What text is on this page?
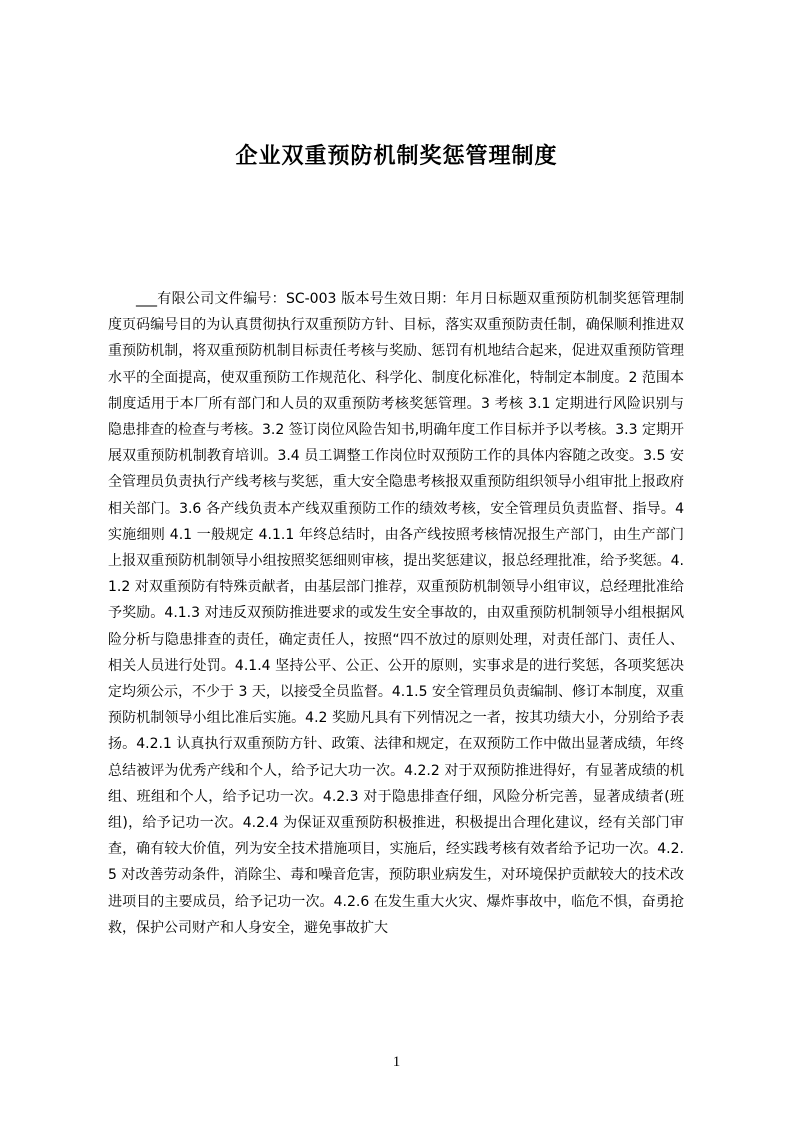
企业双重预防机制奖惩管理制度

___有限公司文件编号：SC-003 版本号生效日期：年月日标题双重预防机制奖惩管理制度页码编号目的为认真贯彻执行双重预防方针、目标，落实双重预防责任制，确保顺利推进双重预防机制，将双重预防机制目标责任考核与奖励、惩罚有机地结合起来，促进双重预防管理水平的全面提高，使双重预防工作规范化、科学化、制度化标准化，特制定本制度。2 范围本制度适用于本厂所有部门和人员的双重预防考核奖惩管理。3 考核 3.1 定期进行风险识别与隐患排查的检查与考核。3.2 签订岗位风险告知书,明确年度工作目标并予以考核。3.3 定期开展双重预防机制教育培训。3.4 员工调整工作岗位时双预防工作的具体内容随之改变。3.5 安全管理员负责执行产线考核与奖惩，重大安全隐患考核报双重预防组织领导小组审批上报政府相关部门。3.6 各产线负责本产线双重预防工作的绩效考核，安全管理员负责监督、指导。4 实施细则 4.1 一般规定 4.1.1 年终总结时，由各产线按照考核情况报生产部门，由生产部门上报双重预防机制领导小组按照奖惩细则审核，提出奖惩建议，报总经理批准，给予奖惩。4.1.2 对双重预防有特殊贡献者，由基层部门推荐，双重预防机制领导小组审议，总经理批准给予奖励。4.1.3 对违反双预防推进要求的或发生安全事故的，由双重预防机制领导小组根据风险分析与隐患排查的责任，确定责任人，按照“四不放过的原则处理，对责任部门、责任人、相关人员进行处罚。4.1.4 坚持公平、公正、公开的原则，实事求是的进行奖惩，各项奖惩决定均须公示，不少于 3 天，以接受全员监督。4.1.5 安全管理员负责编制、修订本制度，双重预防机制领导小组比准后实施。4.2 奖励凡具有下列情况之一者，按其功绩大小，分别给予表扬。4.2.1 认真执行双重预防方针、政策、法律和规定，在双预防工作中做出显著成绩，年终总结被评为优秀产线和个人，给予记大功一次。4.2.2 对于双预防推进得好，有显著成绩的机组、班组和个人，给予记功一次。4.2.3 对于隐患排查仔细，风险分析完善，显著成绩者(班组)，给予记功一次。4.2.4 为保证双重预防积极推进，积极提出合理化建议，经有关部门审查，确有较大价值，列为安全技术措施项目，实施后，经实践考核有效者给予记功一次。4.2.5 对改善劳动条件，消除尘、毒和噪音危害，预防职业病发生，对环境保护贡献较大的技术改进项目的主要成员，给予记功一次。4.2.6 在发生重大火灾、爆炸事故中，临危不惧，奋勇抢救，保护公司财产和人身安全，避免事故扩大

1
